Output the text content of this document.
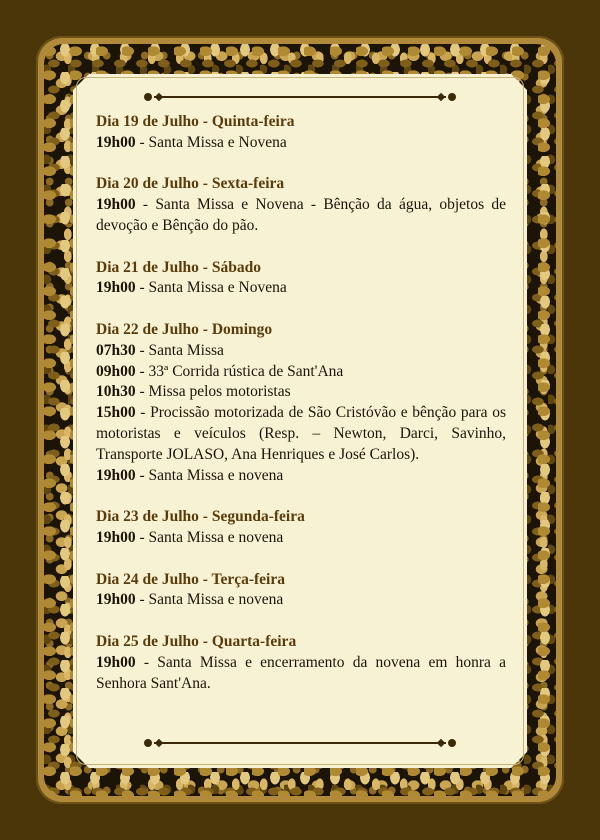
Dia 19 de Julho - Quinta-feira
19h00 - Santa Missa e Novena
Dia 20 de Julho - Sexta-feira
19h00 - Santa Missa e Novena - Bênção da água, objetos de devoção e Bênção do pão.
Dia 21 de Julho - Sábado
19h00 - Santa Missa e Novena
Dia 22 de Julho - Domingo
07h30 - Santa Missa
09h00 - 33ª Corrida rústica de Sant'Ana
10h30 - Missa pelos motoristas
15h00 - Procissão motorizada de São Cristóvão e bênção para os motoristas e veículos (Resp. – Newton, Darci, Savinho, Transporte JOLASO, Ana Henriques e José Carlos).
19h00 - Santa Missa e novena
Dia 23 de Julho - Segunda-feira
19h00 - Santa Missa e novena
Dia 24 de Julho - Terça-feira
19h00 - Santa Missa e novena
Dia 25 de Julho - Quarta-feira
19h00 - Santa Missa e encerramento da novena em honra a Senhora Sant'Ana.
